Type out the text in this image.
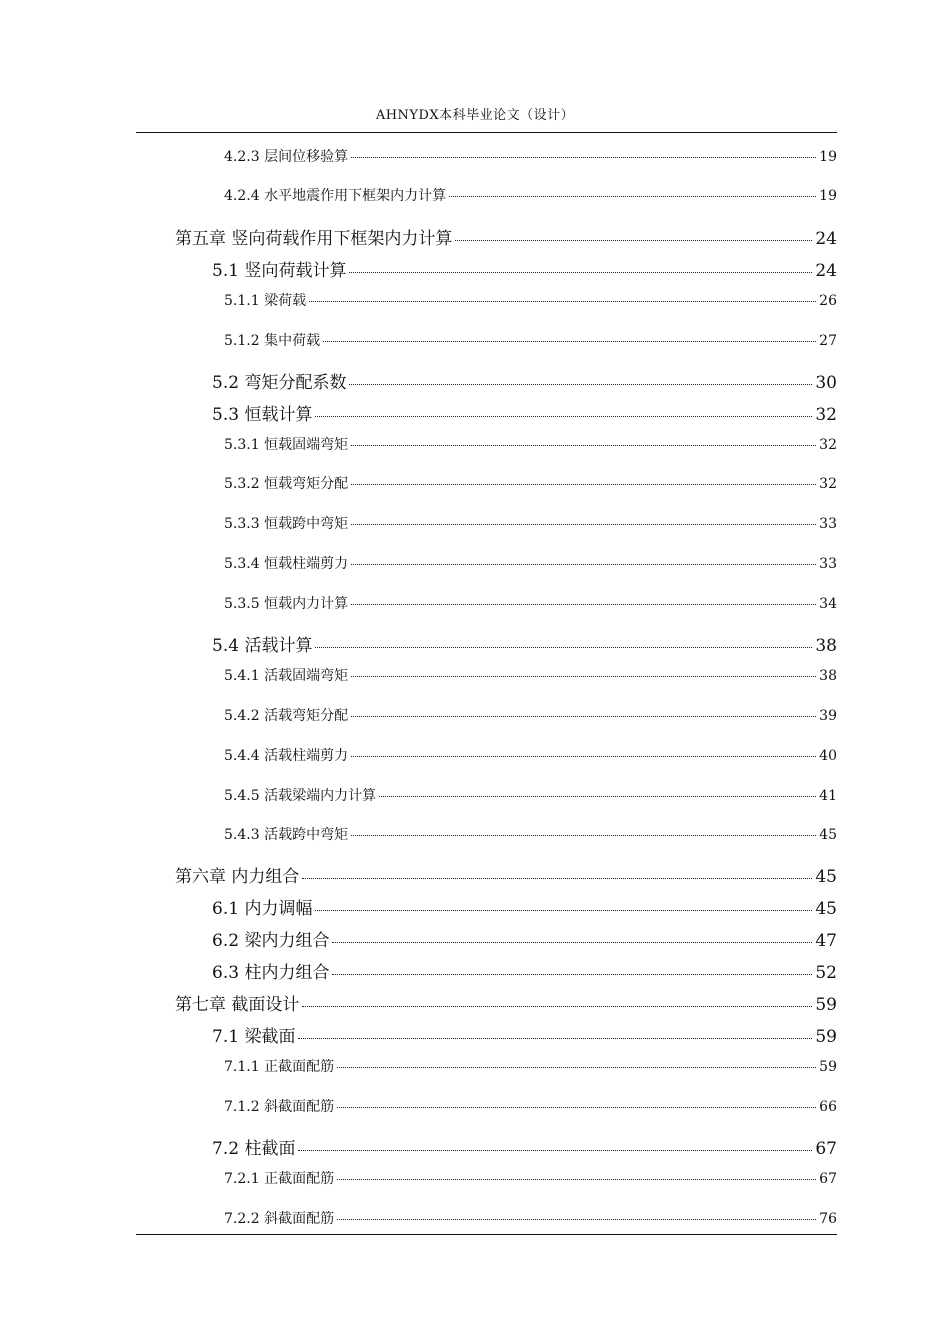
AHNYDX本科毕业论文（设计）
4.2.3 层间位移验算	19
4.2.4 水平地震作用下框架内力计算	19
第五章 竖向荷载作用下框架内力计算	24
5.1 竖向荷载计算	24
5.1.1 梁荷载	26
5.1.2 集中荷载	27
5.2 弯矩分配系数	30
5.3 恒载计算	32
5.3.1 恒载固端弯矩	32
5.3.2 恒载弯矩分配	32
5.3.3 恒载跨中弯矩	33
5.3.4 恒载柱端剪力	33
5.3.5 恒载内力计算	34
5.4 活载计算	38
5.4.1 活载固端弯矩	38
5.4.2 活载弯矩分配	39
5.4.4 活载柱端剪力	40
5.4.5 活载梁端内力计算	41
5.4.3 活载跨中弯矩	45
第六章 内力组合	45
6.1 内力调幅	45
6.2 梁内力组合	47
6.3 柱内力组合	52
第七章 截面设计	59
7.1 梁截面	59
7.1.1 正截面配筋	59
7.1.2 斜截面配筋	66
7.2 柱截面	67
7.2.1 正截面配筋	67
7.2.2 斜截面配筋	76
